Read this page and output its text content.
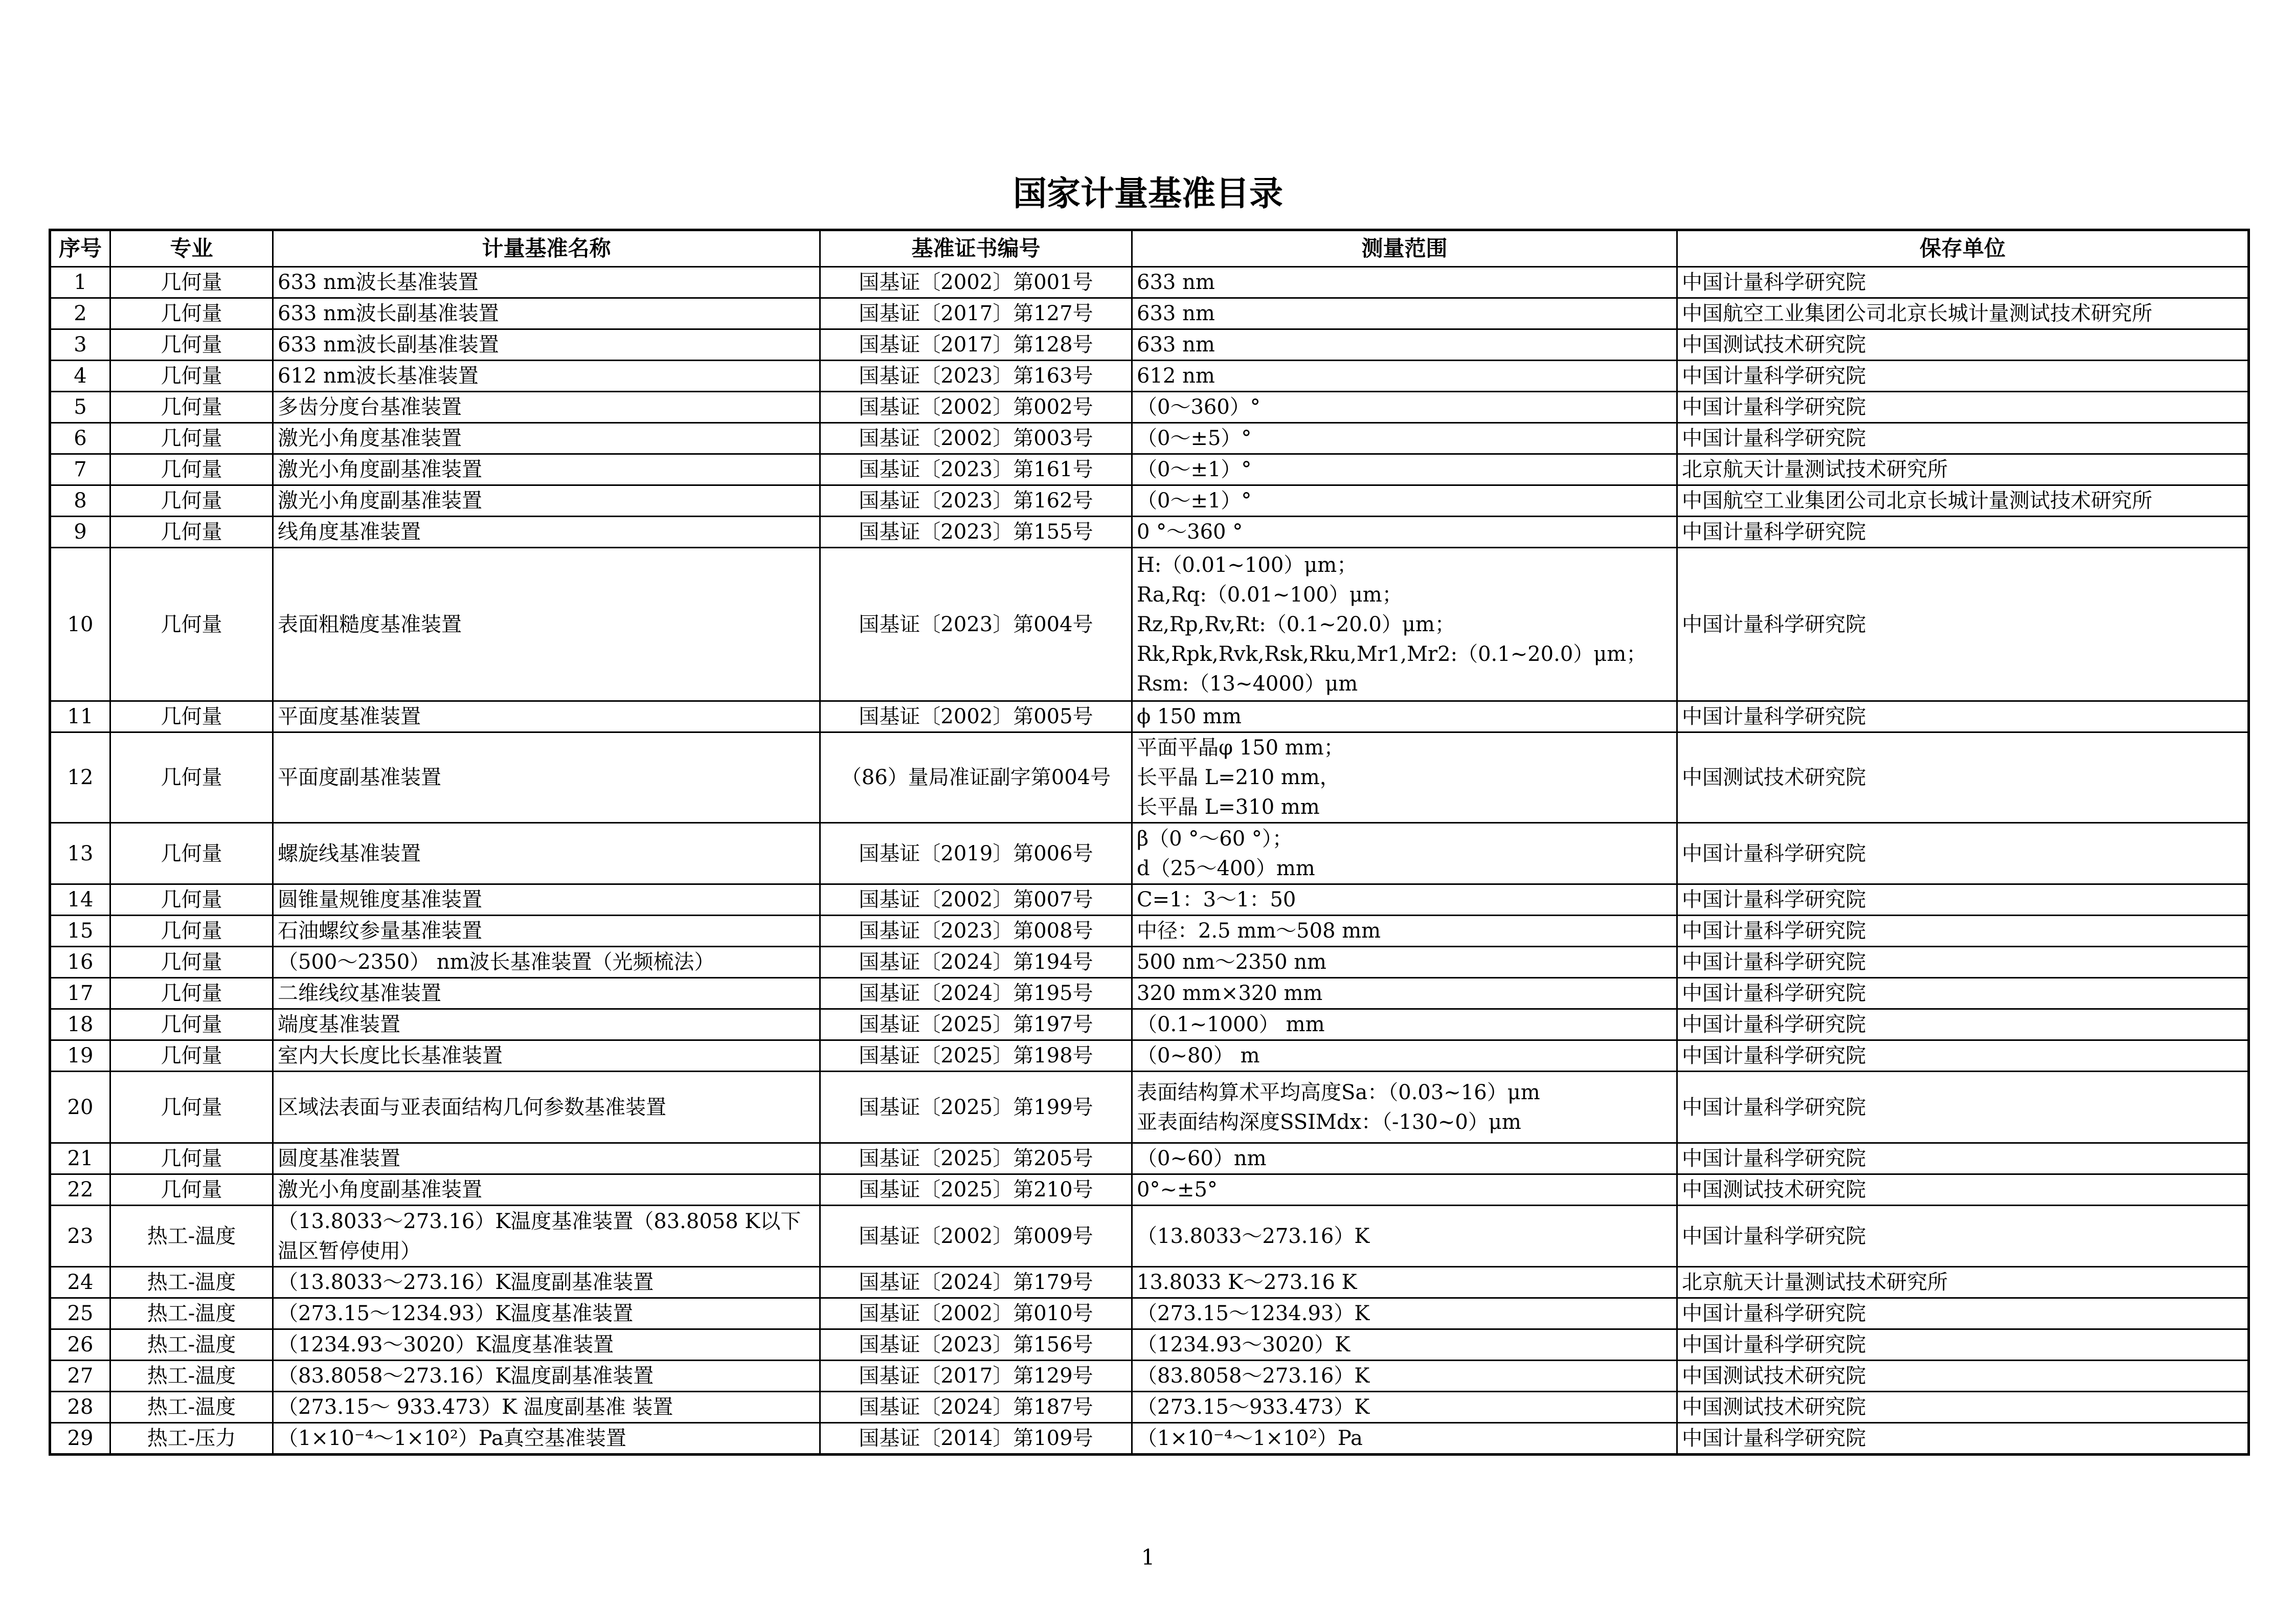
国家计量基准目录
序号	专业	计量基准名称	基准证书编号	测量范围	保存单位
1	几何量	633 nm波长基准装置	国基证〔2002〕第001号	633 nm	中国计量科学研究院
2	几何量	633 nm波长副基准装置	国基证〔2017〕第127号	633 nm	中国航空工业集团公司北京长城计量测试技术研究所
3	几何量	633 nm波长副基准装置	国基证〔2017〕第128号	633 nm	中国测试技术研究院
4	几何量	612 nm波长基准装置	国基证〔2023〕第163号	612 nm	中国计量科学研究院
5	几何量	多齿分度台基准装置	国基证〔2002〕第002号	（0～360）°	中国计量科学研究院
6	几何量	激光小角度基准装置	国基证〔2002〕第003号	（0～±5）°	中国计量科学研究院
7	几何量	激光小角度副基准装置	国基证〔2023〕第161号	（0～±1）°	北京航天计量测试技术研究所
8	几何量	激光小角度副基准装置	国基证〔2023〕第162号	（0～±1）°	中国航空工业集团公司北京长城计量测试技术研究所
9	几何量	线角度基准装置	国基证〔2023〕第155号	0 °～360 °	中国计量科学研究院
10	几何量	表面粗糙度基准装置	国基证〔2023〕第004号	H:（0.01~100）μm；
Ra,Rq:（0.01~100）μm；
Rz,Rp,Rv,Rt:（0.1~20.0）μm；
Rk,Rpk,Rvk,Rsk,Rku,Mr1,Mr2:（0.1~20.0）μm；
Rsm:（13~4000）μm	中国计量科学研究院
11	几何量	平面度基准装置	国基证〔2002〕第005号	ϕ 150 mm	中国计量科学研究院
12	几何量	平面度副基准装置	（86）量局准证副字第004号	平面平晶φ 150 mm；
长平晶 L=210 mm，
长平晶 L=310 mm	中国测试技术研究院
13	几何量	螺旋线基准装置	国基证〔2019〕第006号	β（0 °～60 °）；
d（25～400）mm	中国计量科学研究院
14	几何量	圆锥量规锥度基准装置	国基证〔2002〕第007号	C=1：3～1：50	中国计量科学研究院
15	几何量	石油螺纹参量基准装置	国基证〔2023〕第008号	中径：2.5 mm～508 mm	中国计量科学研究院
16	几何量	（500～2350） nm波长基准装置（光频梳法）	国基证〔2024〕第194号	500 nm～2350 nm	中国计量科学研究院
17	几何量	二维线纹基准装置	国基证〔2024〕第195号	320 mm×320 mm	中国计量科学研究院
18	几何量	端度基准装置	国基证〔2025〕第197号	（0.1~1000） mm	中国计量科学研究院
19	几何量	室内大长度比长基准装置	国基证〔2025〕第198号	（0~80） m	中国计量科学研究院
20	几何量	区域法表面与亚表面结构几何参数基准装置	国基证〔2025〕第199号	表面结构算术平均高度Sa：（0.03~16）μm
亚表面结构深度SSIMdx：（-130~0）μm	中国计量科学研究院
21	几何量	圆度基准装置	国基证〔2025〕第205号	（0~60）nm	中国计量科学研究院
22	几何量	激光小角度副基准装置	国基证〔2025〕第210号	0°~±5°	中国测试技术研究院
23	热工-温度	（13.8033～273.16）K温度基准装置（83.8058 K以下温区暂停使用）	国基证〔2002〕第009号	（13.8033～273.16）K	中国计量科学研究院
24	热工-温度	（13.8033～273.16）K温度副基准装置	国基证〔2024〕第179号	13.8033 K～273.16 K	北京航天计量测试技术研究所
25	热工-温度	（273.15～1234.93）K温度基准装置	国基证〔2002〕第010号	（273.15～1234.93）K	中国计量科学研究院
26	热工-温度	（1234.93～3020）K温度基准装置	国基证〔2023〕第156号	（1234.93～3020）K	中国计量科学研究院
27	热工-温度	（83.8058～273.16）K温度副基准装置	国基证〔2017〕第129号	（83.8058～273.16）K	中国测试技术研究院
28	热工-温度	（273.15～ 933.473）K 温度副基准 装置	国基证〔2024〕第187号	（273.15～933.473）K	中国测试技术研究院
29	热工-压力	（1×10⁻⁴～1×10²）Pa真空基准装置	国基证〔2014〕第109号	（1×10⁻⁴～1×10²）Pa	中国计量科学研究院
1
